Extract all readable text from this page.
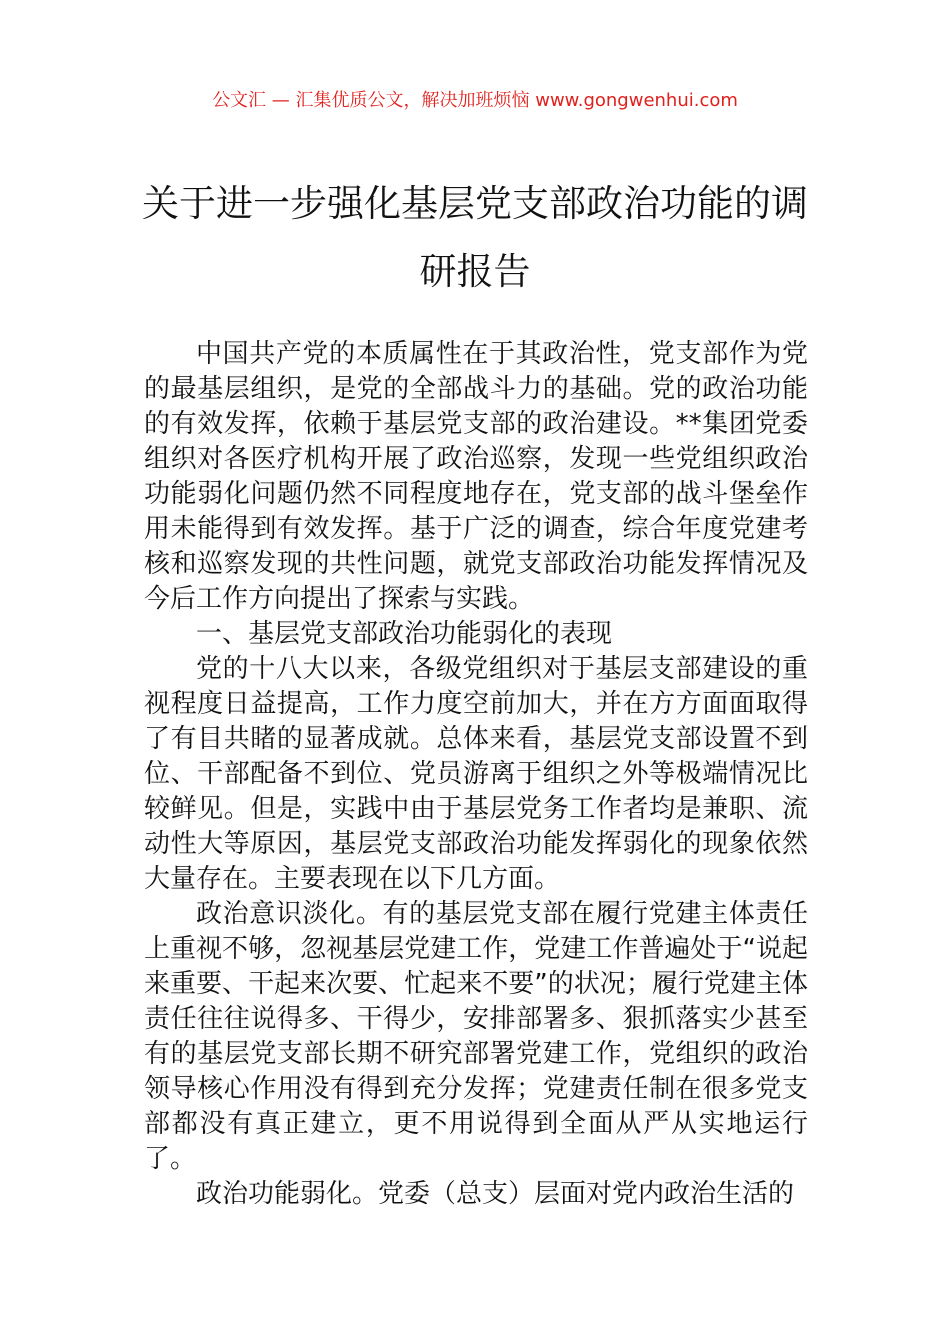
公文汇 — 汇集优质公文，解决加班烦恼 www.gongwenhui.com
关于进一步强化基层党支部政治功能的调研报告

中国共产党的本质属性在于其政治性，党支部作为党的最基层组织，是党的全部战斗力的基础。党的政治功能的有效发挥，依赖于基层党支部的政治建设。**集团党委组织对各医疗机构开展了政治巡察，发现一些党组织政治功能弱化问题仍然不同程度地存在，党支部的战斗堡垒作用未能得到有效发挥。基于广泛的调查，综合年度党建考核和巡察发现的共性问题，就党支部政治功能发挥情况及今后工作方向提出了探索与实践。

一、基层党支部政治功能弱化的表现

党的十八大以来，各级党组织对于基层支部建设的重视程度日益提高，工作力度空前加大，并在方方面面取得了有目共睹的显著成就。总体来看，基层党支部设置不到位、干部配备不到位、党员游离于组织之外等极端情况比较鲜见。但是，实践中由于基层党务工作者均是兼职、流动性大等原因，基层党支部政治功能发挥弱化的现象依然大量存在。主要表现在以下几方面。

政治意识淡化。有的基层党支部在履行党建主体责任上重视不够，忽视基层党建工作，党建工作普遍处于“说起来重要、干起来次要、忙起来不要”的状况；履行党建主体责任往往说得多、干得少，安排部署多、狠抓落实少甚至有的基层党支部长期不研究部署党建工作，党组织的政治领导核心作用没有得到充分发挥；党建责任制在很多党支部都没有真正建立，更不用说得到全面从严从实地运行了。

政治功能弱化。党委（总支）层面对党内政治生活的
